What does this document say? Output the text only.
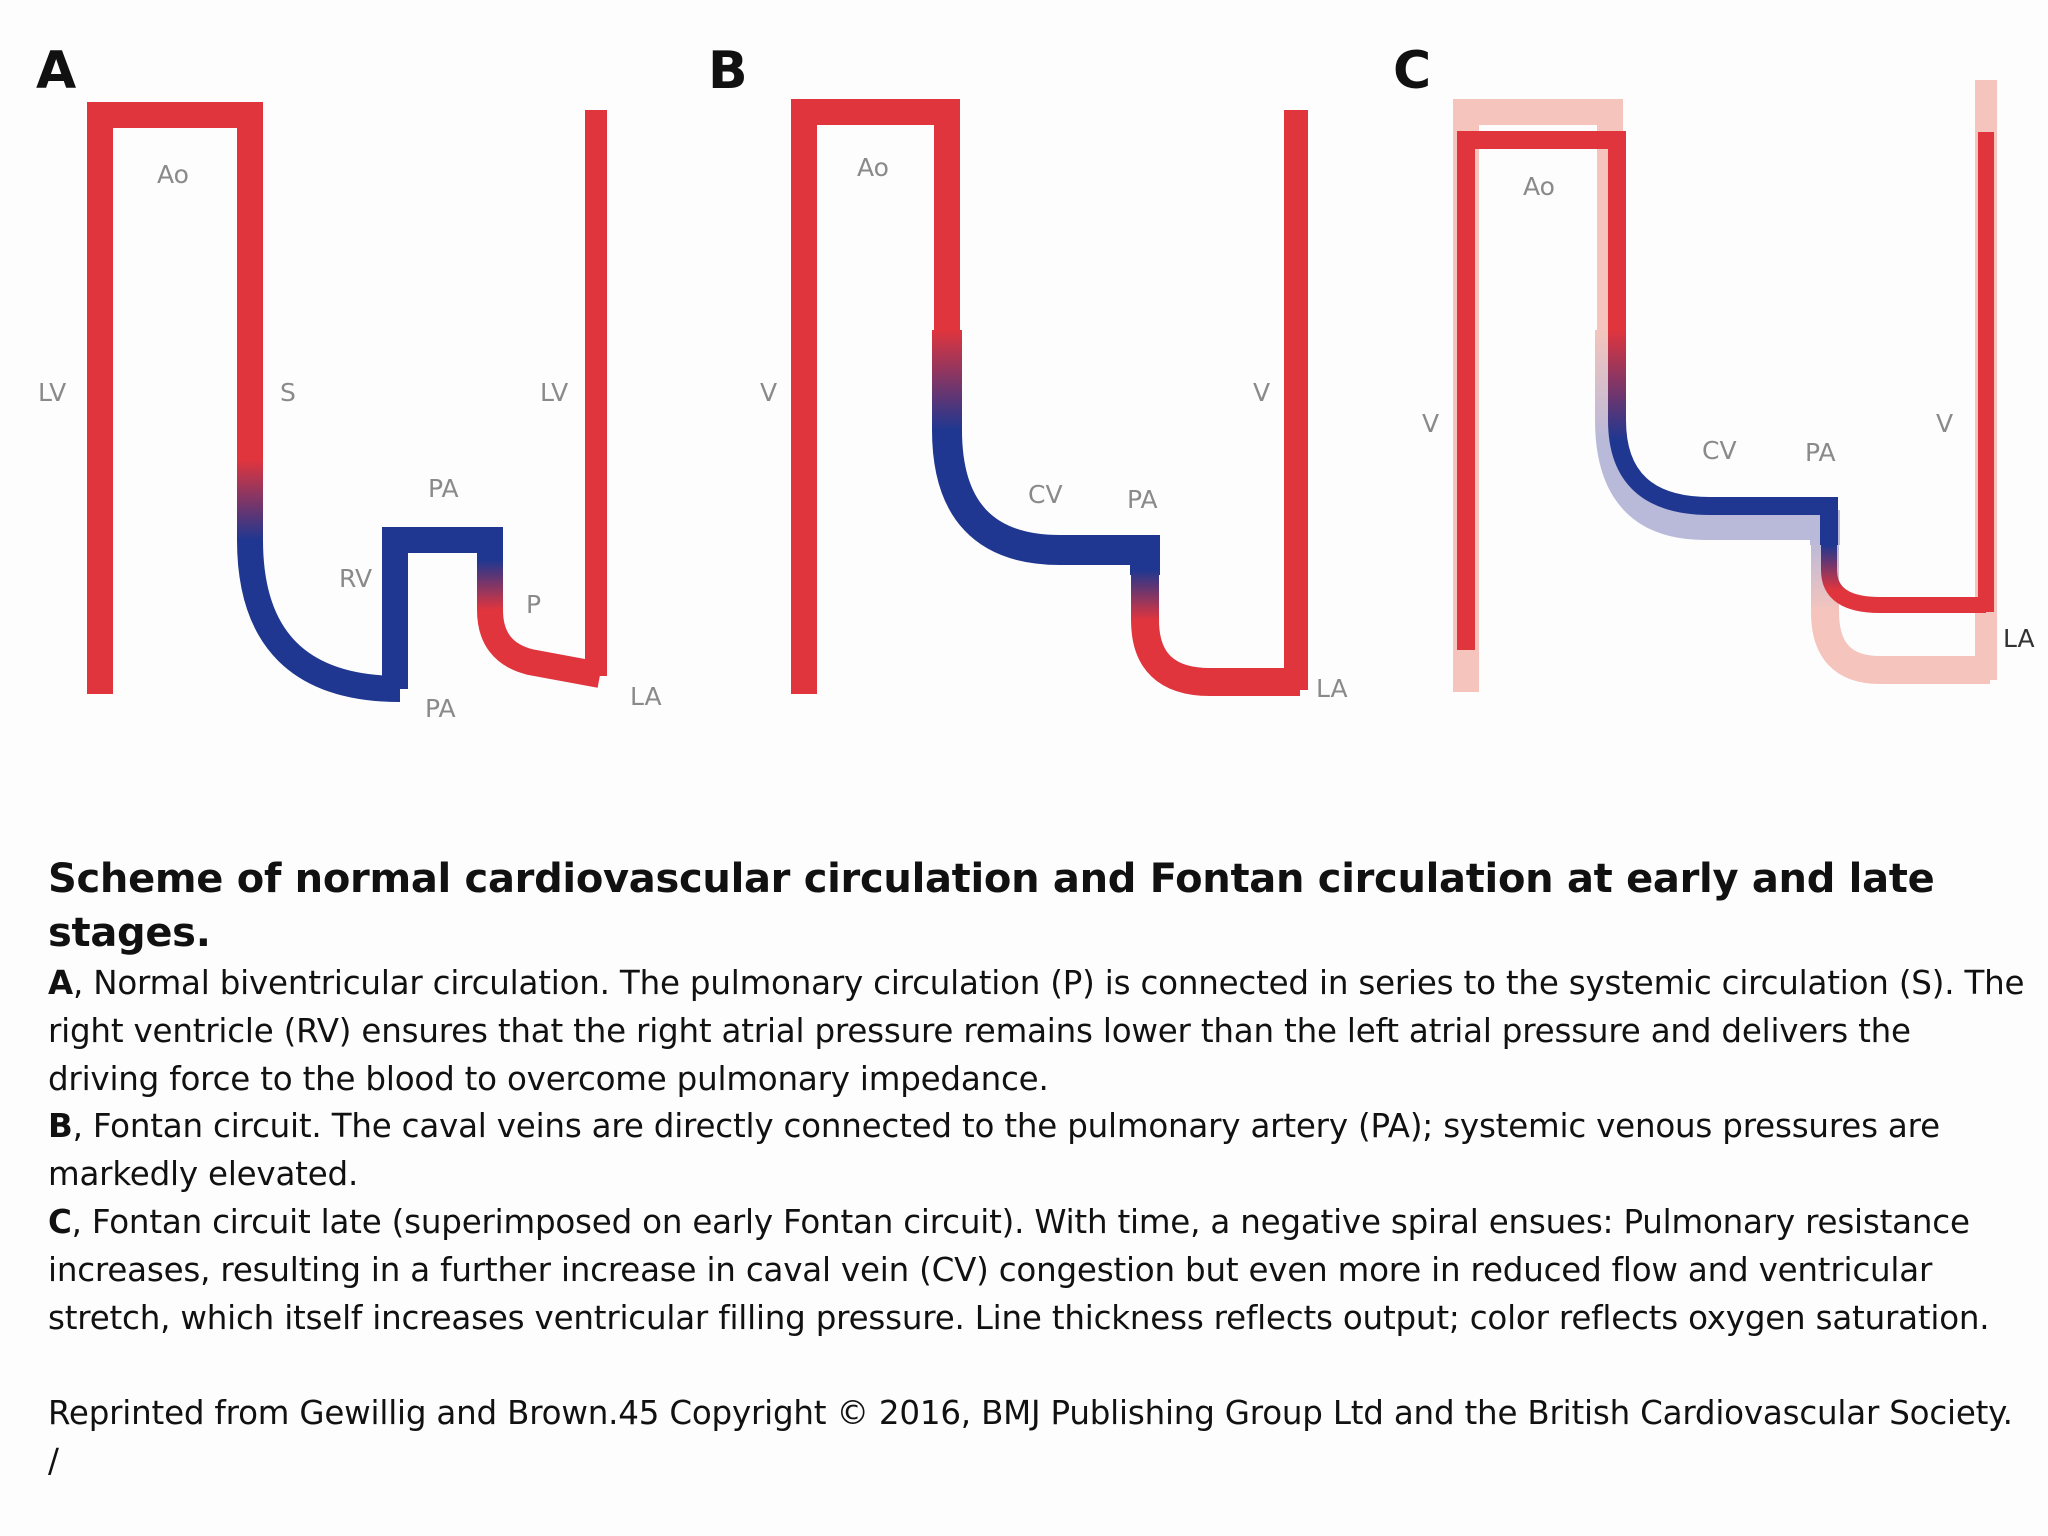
A
Ao
LV	S	LV
PA
RV
P
PA	LA
B
Ao
V	V
CV	PA
LA
C
Ao
V
CV	PA
V
LA

Scheme of normal cardiovascular circulation and Fontan circulation at early and late stages.

A, Normal biventricular circulation. The pulmonary circulation (P) is connected in series to the systemic circulation (S). The right ventricle (RV) ensures that the right atrial pressure remains lower than the left atrial pressure and delivers the driving force to the blood to overcome pulmonary impedance.

B, Fontan circuit. The caval veins are directly connected to the pulmonary artery (PA); systemic venous pressures are markedly elevated.

C, Fontan circuit late (superimposed on early Fontan circuit). With time, a negative spiral ensues: Pulmonary resistance increases, resulting in a further increase in caval vein (CV) congestion but even more in reduced flow and ventricular stretch, which itself increases ventricular filling pressure. Line thickness reflects output; color reflects oxygen saturation.

Reprinted from Gewillig and Brown.45 Copyright © 2016, BMJ Publishing Group Ltd and the British Cardiovascular Society. /
